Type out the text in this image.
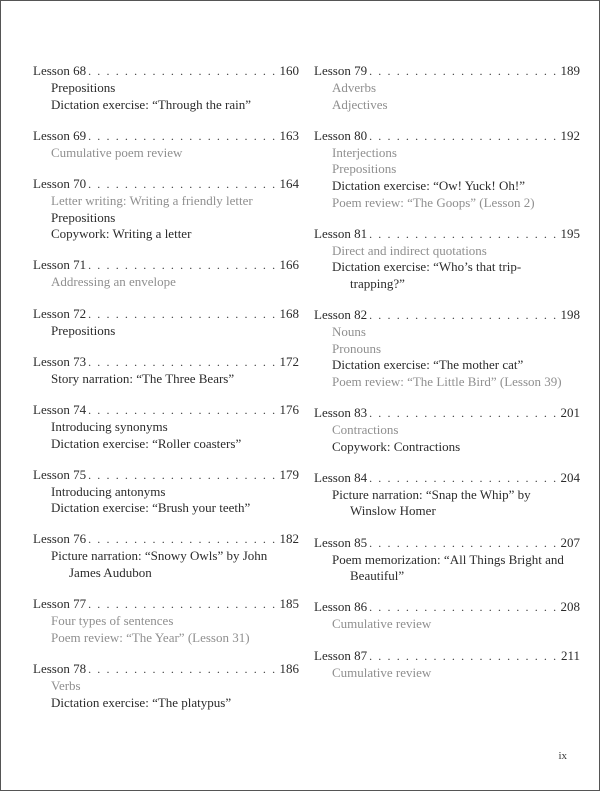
Lesson 68 . . .	160
Prepositions
Dictation exercise: “Through the rain”
Lesson 69 . . .	163
Cumulative poem review
Lesson 70 . . .	164
Letter writing: Writing a friendly letter
Prepositions
Copywork: Writing a letter
Lesson 71 . . .	166
Addressing an envelope
Lesson 72 . . .	168
Prepositions
Lesson 73 . . .	172
Story narration: “The Three Bears”
Lesson 74 . . .	176
Introducing synonyms
Dictation exercise: “Roller coasters”
Lesson 75 . . .	179
Introducing antonyms
Dictation exercise: “Brush your teeth”
Lesson 76 . . .	182
Picture narration: “Snowy Owls” by John
James Audubon
Lesson 77 . . .	185
Four types of sentences
Poem review: “The Year” (Lesson 31)
Lesson 78 . . .	186
Verbs
Dictation exercise: “The platypus”
Lesson 79 . . .	189
Adverbs
Adjectives
Lesson 80 . . .	192
Interjections
Prepositions
Dictation exercise: “Ow! Yuck! Oh!”
Poem review: “The Goops” (Lesson 2)
Lesson 81 . . .	195
Direct and indirect quotations
Dictation exercise: “Who’s that trip-
trapping?”
Lesson 82 . . .	198
Nouns
Pronouns
Dictation exercise: “The mother cat”
Poem review: “The Little Bird” (Lesson 39)
Lesson 83 . . .	201
Contractions
Copywork: Contractions
Lesson 84 . . .	204
Picture narration: “Snap the Whip” by
Winslow Homer
Lesson 85 . . .	207
Poem memorization: “All Things Bright and
Beautiful”
Lesson 86 . . .	208
Cumulative review
Lesson 87 . . .	211
Cumulative review
ix
